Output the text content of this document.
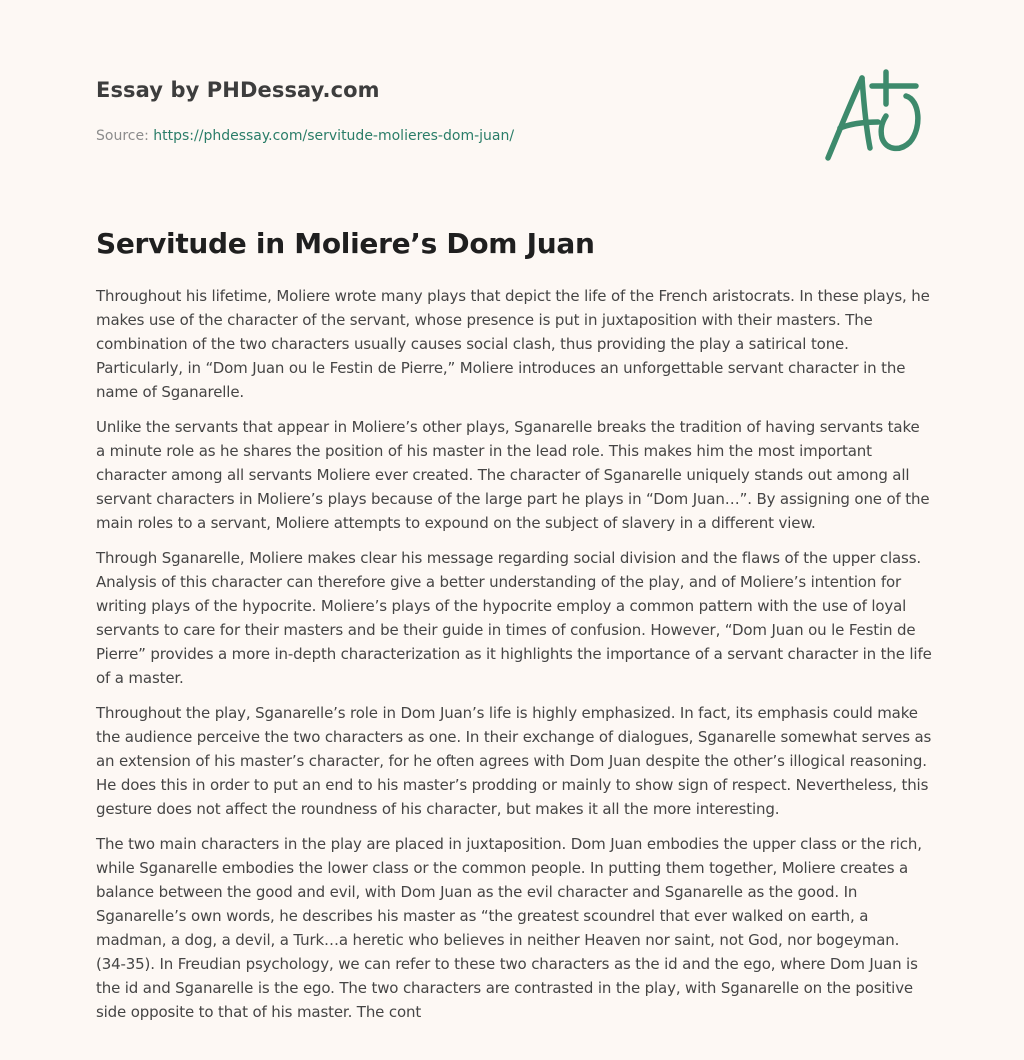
Essay by PHDessay.com
Source: https://phdessay.com/servitude-molieres-dom-juan/
Servitude in Moliere’s Dom Juan

Throughout his lifetime, Moliere wrote many plays that depict the life of the French aristocrats. In these plays, he makes use of the character of the servant, whose presence is put in juxtaposition with their masters. The combination of the two characters usually causes social clash, thus providing the play a satirical tone. Particularly, in “Dom Juan ou le Festin de Pierre,” Moliere introduces an unforgettable servant character in the name of Sganarelle.

Unlike the servants that appear in Moliere’s other plays, Sganarelle breaks the tradition of having servants take a minute role as he shares the position of his master in the lead role. This makes him the most important character among all servants Moliere ever created. The character of Sganarelle uniquely stands out among all servant characters in Moliere’s plays because of the large part he plays in “Dom Juan…”. By assigning one of the main roles to a servant, Moliere attempts to expound on the subject of slavery in a different view.

Through Sganarelle, Moliere makes clear his message regarding social division and the flaws of the upper class. Analysis of this character can therefore give a better understanding of the play, and of Moliere’s intention for writing plays of the hypocrite. Moliere’s plays of the hypocrite employ a common pattern with the use of loyal servants to care for their masters and be their guide in times of confusion. However, “Dom Juan ou le Festin de Pierre” provides a more in-depth characterization as it highlights the importance of a servant character in the life of a master.

Throughout the play, Sganarelle’s role in Dom Juan’s life is highly emphasized. In fact, its emphasis could make the audience perceive the two characters as one. In their exchange of dialogues, Sganarelle somewhat serves as an extension of his master’s character, for he often agrees with Dom Juan despite the other’s illogical reasoning. He does this in order to put an end to his master’s prodding or mainly to show sign of respect. Nevertheless, this gesture does not affect the roundness of his character, but makes it all the more interesting.

The two main characters in the play are placed in juxtaposition. Dom Juan embodies the upper class or the rich, while Sganarelle embodies the lower class or the common people. In putting them together, Moliere creates a balance between the good and evil, with Dom Juan as the evil character and Sganarelle as the good. In Sganarelle’s own words, he describes his master as “the greatest scoundrel that ever walked on earth, a madman, a dog, a devil, a Turk…a heretic who believes in neither Heaven nor saint, not God, nor bogeyman. (34-35). In Freudian psychology, we can refer to these two characters as the id and the ego, where Dom Juan is the id and Sganarelle is the ego. The two characters are contrasted in the play, with Sganarelle on the positive side opposite to that of his master. The cont
